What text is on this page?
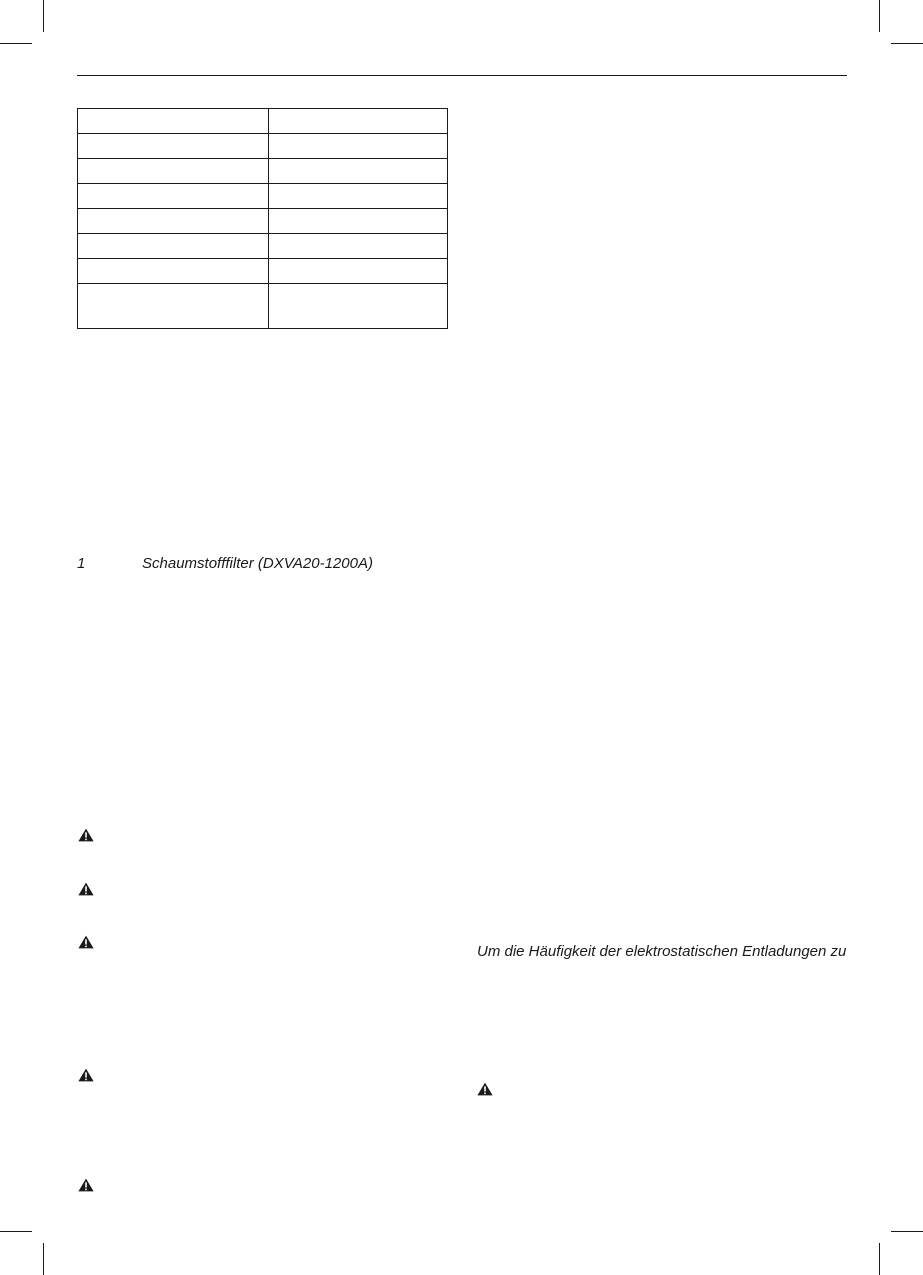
1	Schaumstofffilter (DXVA20-1200A)
Um die Häufigkeit der elektrostatischen Entladungen zu
